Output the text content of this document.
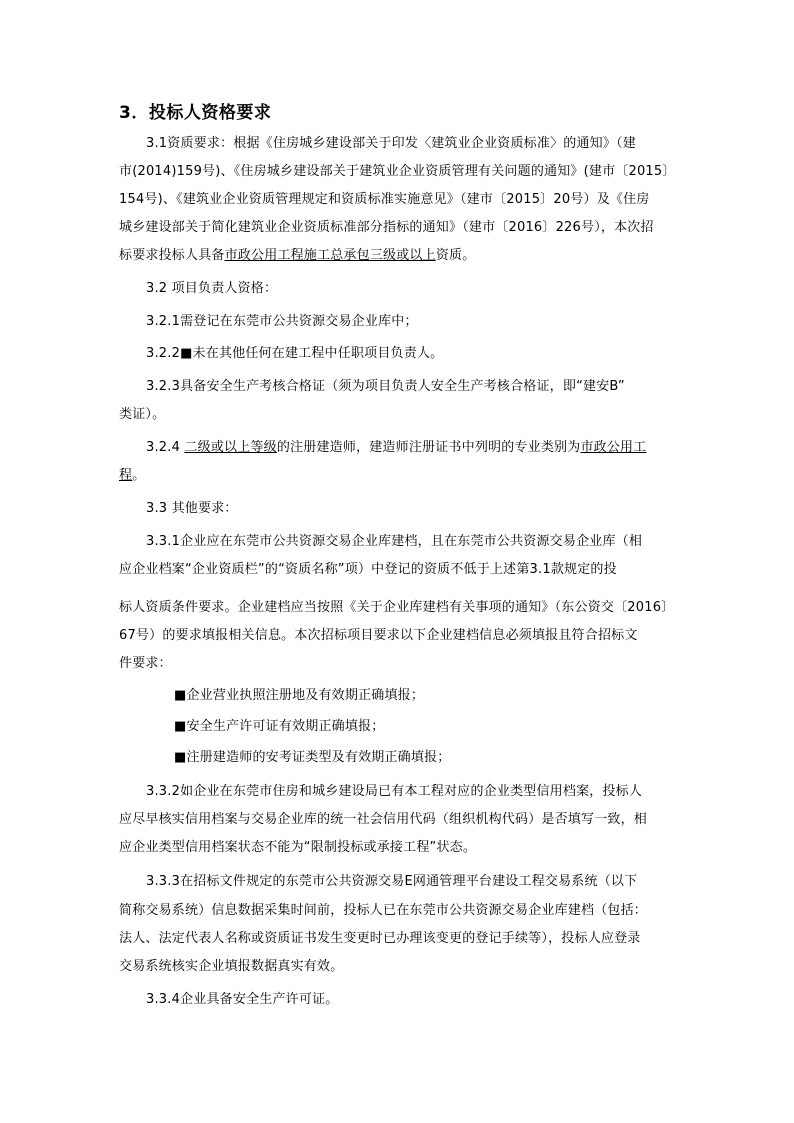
3．投标人资格要求
3.1资质要求：根据《住房城乡建设部关于印发〈建筑业企业资质标准〉的通知》（建
市(2014)159号)、《住房城乡建设部关于建筑业企业资质管理有关问题的通知》(建市〔2015〕
154号)、《建筑业企业资质管理规定和资质标准实施意见》（建市〔2015〕20号）及《住房
城乡建设部关于简化建筑业企业资质标准部分指标的通知》（建市〔2016〕226号），本次招
标要求投标人具备市政公用工程施工总承包三级或以上资质。
3.2 项目负责人资格：
3.2.1需登记在东莞市公共资源交易企业库中；
3.2.2■未在其他任何在建工程中任职项目负责人。
3.2.3具备安全生产考核合格证（须为项目负责人安全生产考核合格证，即“建安B”
类证）。
3.2.4 二级或以上等级的注册建造师，建造师注册证书中列明的专业类别为市政公用工
程。
3.3 其他要求：
3.3.1企业应在东莞市公共资源交易企业库建档，且在东莞市公共资源交易企业库（相
应企业档案“企业资质栏”的“资质名称”项）中登记的资质不低于上述第3.1款规定的投
标人资质条件要求。企业建档应当按照《关于企业库建档有关事项的通知》（东公资交〔2016〕
67号）的要求填报相关信息。本次招标项目要求以下企业建档信息必须填报且符合招标文
件要求：
■企业营业执照注册地及有效期正确填报；
■安全生产许可证有效期正确填报；
■注册建造师的安考证类型及有效期正确填报；
3.3.2如企业在东莞市住房和城乡建设局已有本工程对应的企业类型信用档案，投标人
应尽早核实信用档案与交易企业库的统一社会信用代码（组织机构代码）是否填写一致，相
应企业类型信用档案状态不能为“限制投标或承接工程”状态。
3.3.3在招标文件规定的东莞市公共资源交易E网通管理平台建设工程交易系统（以下
简称交易系统）信息数据采集时间前，投标人已在东莞市公共资源交易企业库建档（包括：
法人、法定代表人名称或资质证书发生变更时已办理该变更的登记手续等），投标人应登录
交易系统核实企业填报数据真实有效。
3.3.4企业具备安全生产许可证。
